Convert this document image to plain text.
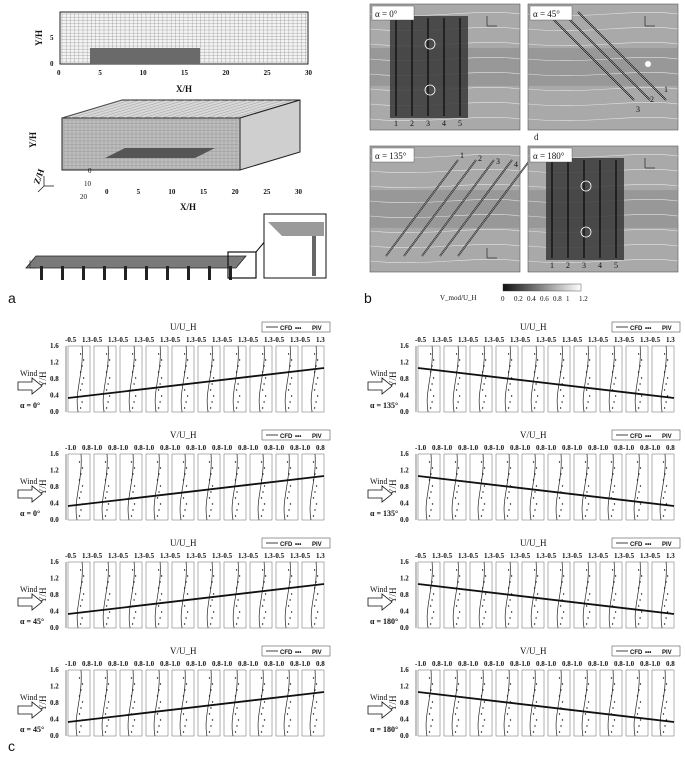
0	5	10	15	20	25	30
0
5
Y/H
X/H
0	5	10	15	20	25	30
Y/H
Z/H
X/H
0
10
20
a
1 2 3 4 5
α = 0°
3
2
1
α = 45°
1 2 3 4
α = 135°
1 2 3 4 5
α = 180°
d
V_mod/U_H	0 0.2 0.4 0.6 0.8 1 1.2
b
CFD ••• PIV
U/U_H
-0.5 1.3 -0.5 1.3 -0.5 1.3 -0.5 1.3 -0.5 1.3 -0.5 1.3 -0.5 1.3 -0.5 1.3 -0.5 1.3 -0.5 1.3
0.0
0.4
0.8
1.2
1.6
Y/H
Wind
α = 0°
CFD ••• PIV
V/U_H
-1.0 0.8 -1.0 0.8 -1.0 0.8 -1.0 0.8 -1.0 0.8 -1.0 0.8 -1.0 0.8 -1.0 0.8 -1.0 0.8 -1.0 0.8
0.0
0.4
0.8
1.2
1.6
Y/H
Wind
α = 0°
CFD ••• PIV
U/U_H
-0.5 1.3 -0.5 1.3 -0.5 1.3 -0.5 1.3 -0.5 1.3 -0.5 1.3 -0.5 1.3 -0.5 1.3 -0.5 1.3 -0.5 1.3
0.0
0.4
0.8
1.2
1.6
Y/H
Wind
α = 45°
CFD ••• PIV
V/U_H
-1.0 0.8 -1.0 0.8 -1.0 0.8 -1.0 0.8 -1.0 0.8 -1.0 0.8 -1.0 0.8 -1.0 0.8 -1.0 0.8 -1.0 0.8
0.0
0.4
0.8
1.2
1.6
Y/H
Wind
α = 45°
CFD ••• PIV
U/U_H
-0.5 1.3 -0.5 1.3 -0.5 1.3 -0.5 1.3 -0.5 1.3 -0.5 1.3 -0.5 1.3 -0.5 1.3 -0.5 1.3 -0.5 1.3
0.0
0.4
0.8
1.2
1.6
Y/H
Wind
α = 135°
CFD ••• PIV
V/U_H
-1.0 0.8 -1.0 0.8 -1.0 0.8 -1.0 0.8 -1.0 0.8 -1.0 0.8 -1.0 0.8 -1.0 0.8 -1.0 0.8 -1.0 0.8
0.0
0.4
0.8
1.2
1.6
Y/H
Wind
α = 135°
CFD ••• PIV
U/U_H
-0.5 1.3 -0.5 1.3 -0.5 1.3 -0.5 1.3 -0.5 1.3 -0.5 1.3 -0.5 1.3 -0.5 1.3 -0.5 1.3 -0.5 1.3
0.0
0.4
0.8
1.2
1.6
Y/H
Wind
α = 180°
CFD ••• PIV
V/U_H
-1.0 0.8 -1.0 0.8 -1.0 0.8 -1.0 0.8 -1.0 0.8 -1.0 0.8 -1.0 0.8 -1.0 0.8 -1.0 0.8 -1.0 0.8
0.0
0.4
0.8
1.2
1.6
Y/H
Wind
α = 180°
c
